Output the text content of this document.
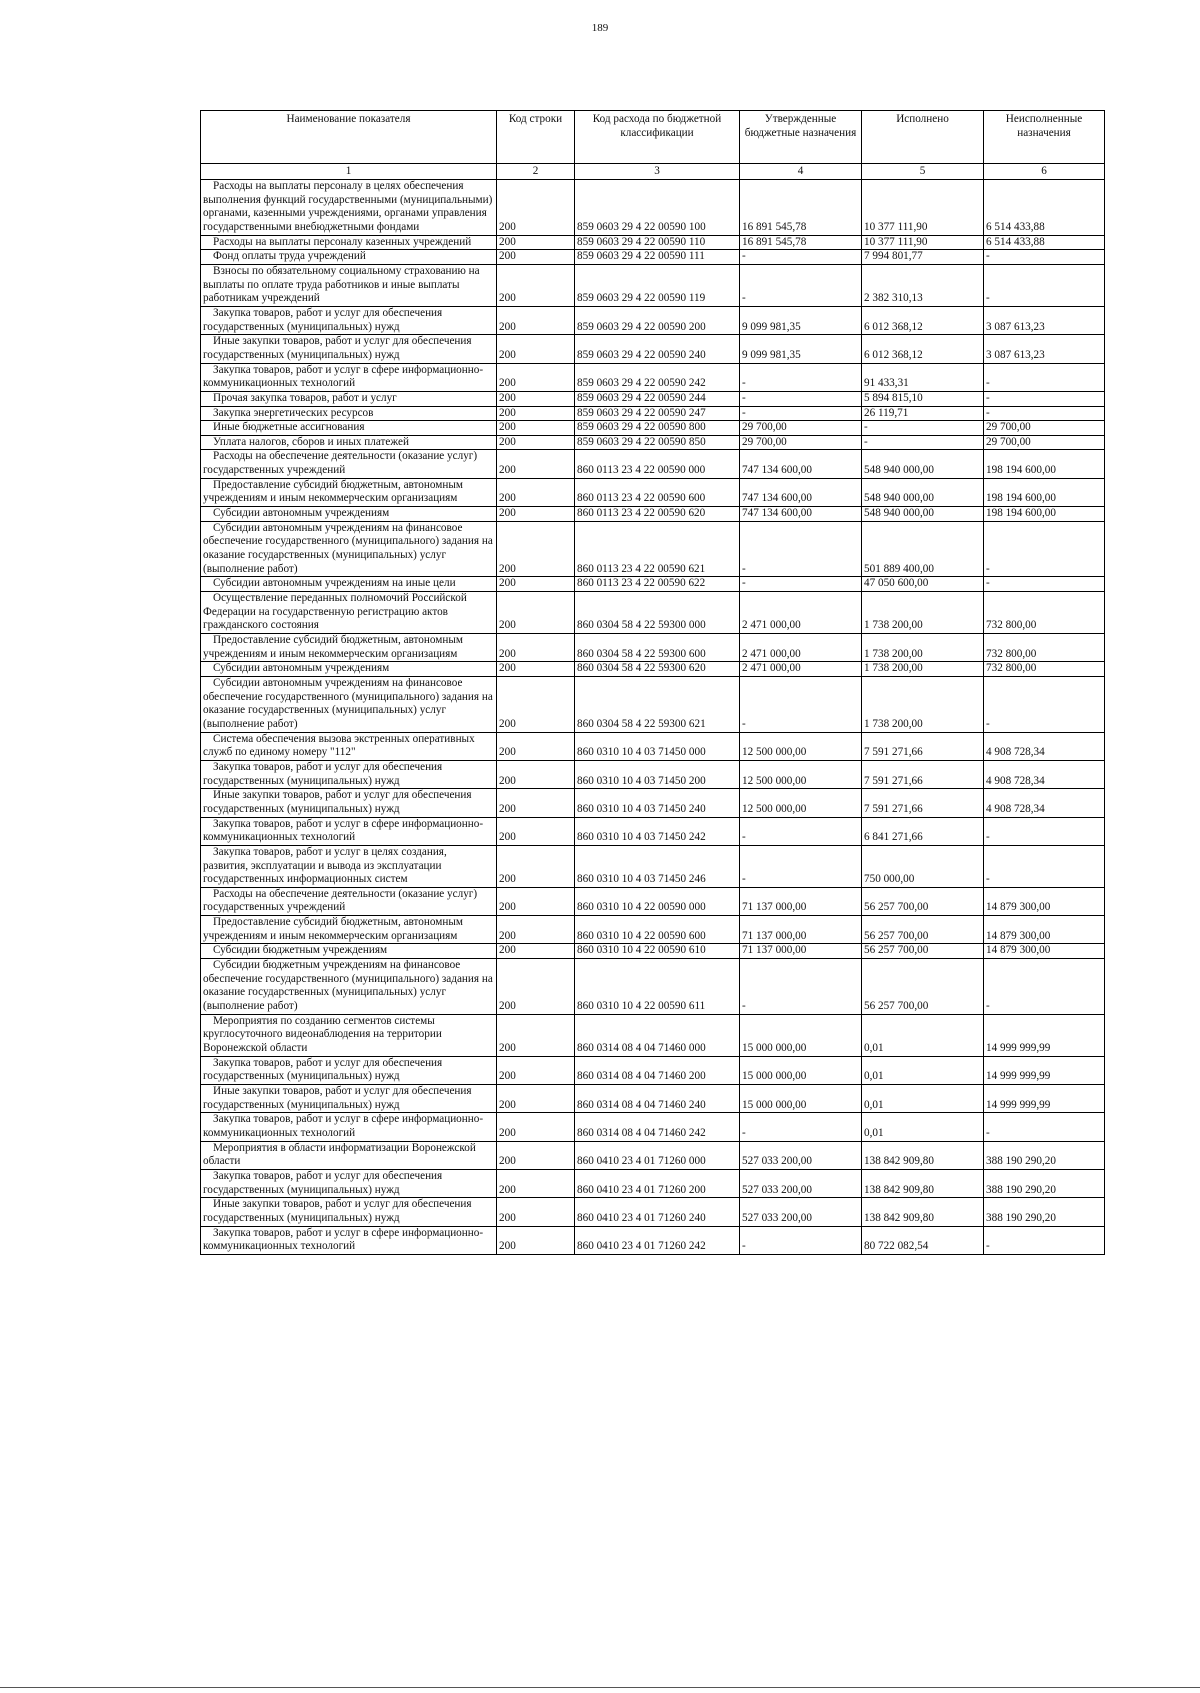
189
Наименование показателя	Код строки	Код расхода по бюджетной классификации	Утвержденные бюджетные назначения	Исполнено	Неисполненные назначения
1	2	3	4	5	6
Расходы на выплаты персоналу в целях обеспечения выполнения функций государственными (муниципальными) органами, казенными учреждениями, органами управления государственными внебюджетными фондами	200	859 0603 29 4 22 00590 100	16 891 545,78	10 377 111,90	6 514 433,88
Расходы на выплаты персоналу казенных учреждений	200	859 0603 29 4 22 00590 110	16 891 545,78	10 377 111,90	6 514 433,88
Фонд оплаты труда учреждений	200	859 0603 29 4 22 00590 111	-	7 994 801,77	-
Взносы по обязательному социальному страхованию на выплаты по оплате труда работников и иные выплаты работникам учреждений	200	859 0603 29 4 22 00590 119	-	2 382 310,13	-
Закупка товаров, работ и услуг для обеспечения государственных (муниципальных) нужд	200	859 0603 29 4 22 00590 200	9 099 981,35	6 012 368,12	3 087 613,23
Иные закупки товаров, работ и услуг для обеспечения государственных (муниципальных) нужд	200	859 0603 29 4 22 00590 240	9 099 981,35	6 012 368,12	3 087 613,23
Закупка товаров, работ и услуг в сфере информационно-коммуникационных технологий	200	859 0603 29 4 22 00590 242	-	91 433,31	-
Прочая закупка товаров, работ и услуг	200	859 0603 29 4 22 00590 244	-	5 894 815,10	-
Закупка энергетических ресурсов	200	859 0603 29 4 22 00590 247	-	26 119,71	-
Иные бюджетные ассигнования	200	859 0603 29 4 22 00590 800	29 700,00	-	29 700,00
Уплата налогов, сборов и иных платежей	200	859 0603 29 4 22 00590 850	29 700,00	-	29 700,00
Расходы на обеспечение деятельности (оказание услуг) государственных учреждений	200	860 0113 23 4 22 00590 000	747 134 600,00	548 940 000,00	198 194 600,00
Предоставление субсидий бюджетным, автономным учреждениям и иным некоммерческим организациям	200	860 0113 23 4 22 00590 600	747 134 600,00	548 940 000,00	198 194 600,00
Субсидии автономным учреждениям	200	860 0113 23 4 22 00590 620	747 134 600,00	548 940 000,00	198 194 600,00
Субсидии автономным учреждениям на финансовое обеспечение государственного (муниципального) задания на оказание государственных (муниципальных) услуг (выполнение работ)	200	860 0113 23 4 22 00590 621	-	501 889 400,00	-
Субсидии автономным учреждениям на иные цели	200	860 0113 23 4 22 00590 622	-	47 050 600,00	-
Осуществление переданных полномочий Российской Федерации на государственную регистрацию актов гражданского состояния	200	860 0304 58 4 22 59300 000	2 471 000,00	1 738 200,00	732 800,00
Предоставление субсидий бюджетным, автономным учреждениям и иным некоммерческим организациям	200	860 0304 58 4 22 59300 600	2 471 000,00	1 738 200,00	732 800,00
Субсидии автономным учреждениям	200	860 0304 58 4 22 59300 620	2 471 000,00	1 738 200,00	732 800,00
Субсидии автономным учреждениям на финансовое обеспечение государственного (муниципального) задания на оказание государственных (муниципальных) услуг (выполнение работ)	200	860 0304 58 4 22 59300 621	-	1 738 200,00	-
Система обеспечения вызова экстренных оперативных служб по единому номеру "112"	200	860 0310 10 4 03 71450 000	12 500 000,00	7 591 271,66	4 908 728,34
Закупка товаров, работ и услуг для обеспечения государственных (муниципальных) нужд	200	860 0310 10 4 03 71450 200	12 500 000,00	7 591 271,66	4 908 728,34
Иные закупки товаров, работ и услуг для обеспечения государственных (муниципальных) нужд	200	860 0310 10 4 03 71450 240	12 500 000,00	7 591 271,66	4 908 728,34
Закупка товаров, работ и услуг в сфере информационно-коммуникационных технологий	200	860 0310 10 4 03 71450 242	-	6 841 271,66	-
Закупка товаров, работ и услуг в целях создания, развития, эксплуатации и вывода из эксплуатации государственных информационных систем	200	860 0310 10 4 03 71450 246	-	750 000,00	-
Расходы на обеспечение деятельности (оказание услуг) государственных учреждений	200	860 0310 10 4 22 00590 000	71 137 000,00	56 257 700,00	14 879 300,00
Предоставление субсидий бюджетным, автономным учреждениям и иным некоммерческим организациям	200	860 0310 10 4 22 00590 600	71 137 000,00	56 257 700,00	14 879 300,00
Субсидии бюджетным учреждениям	200	860 0310 10 4 22 00590 610	71 137 000,00	56 257 700,00	14 879 300,00
Субсидии бюджетным учреждениям на финансовое обеспечение государственного (муниципального) задания на оказание государственных (муниципальных) услуг (выполнение работ)	200	860 0310 10 4 22 00590 611	-	56 257 700,00	-
Мероприятия по созданию сегментов системы круглосуточного видеонаблюдения на территории Воронежской области	200	860 0314 08 4 04 71460 000	15 000 000,00	0,01	14 999 999,99
Закупка товаров, работ и услуг для обеспечения государственных (муниципальных) нужд	200	860 0314 08 4 04 71460 200	15 000 000,00	0,01	14 999 999,99
Иные закупки товаров, работ и услуг для обеспечения государственных (муниципальных) нужд	200	860 0314 08 4 04 71460 240	15 000 000,00	0,01	14 999 999,99
Закупка товаров, работ и услуг в сфере информационно-коммуникационных технологий	200	860 0314 08 4 04 71460 242	-	0,01	-
Мероприятия в области информатизации Воронежской области	200	860 0410 23 4 01 71260 000	527 033 200,00	138 842 909,80	388 190 290,20
Закупка товаров, работ и услуг для обеспечения государственных (муниципальных) нужд	200	860 0410 23 4 01 71260 200	527 033 200,00	138 842 909,80	388 190 290,20
Иные закупки товаров, работ и услуг для обеспечения государственных (муниципальных) нужд	200	860 0410 23 4 01 71260 240	527 033 200,00	138 842 909,80	388 190 290,20
Закупка товаров, работ и услуг в сфере информационно-коммуникационных технологий	200	860 0410 23 4 01 71260 242	-	80 722 082,54	-
